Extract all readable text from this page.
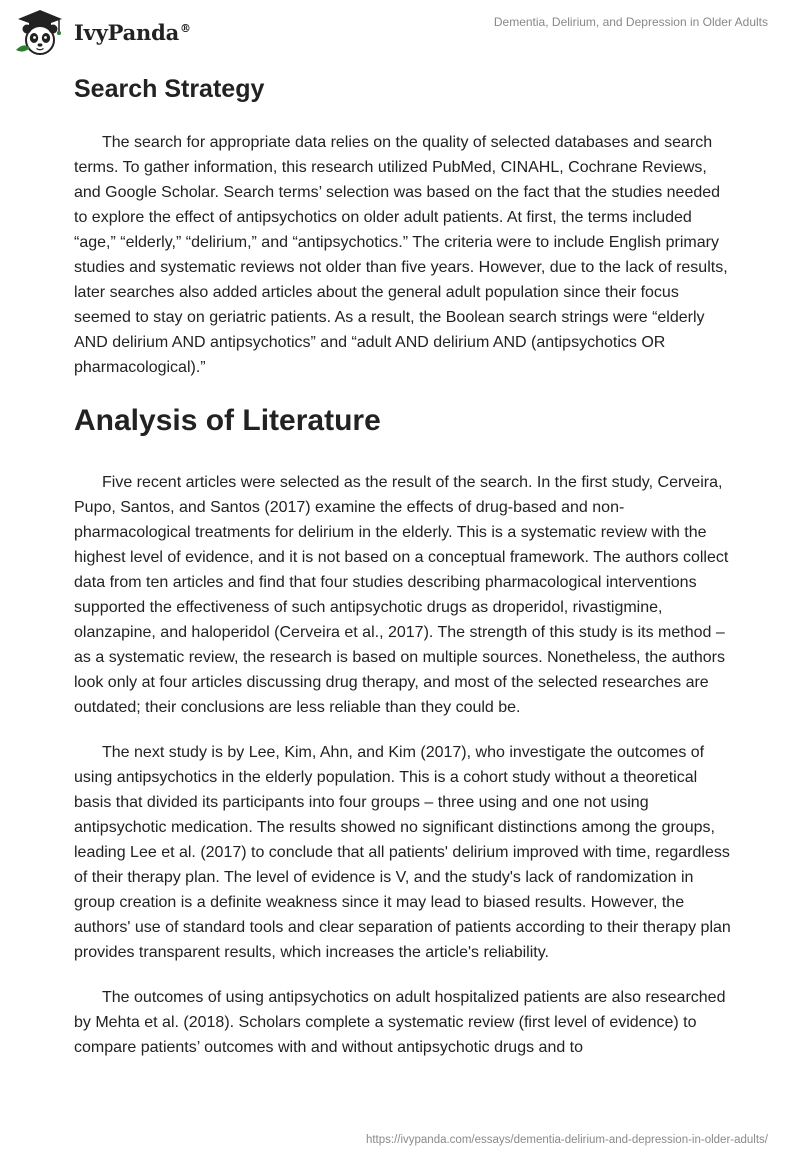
IvyPanda®	Dementia, Delirium, and Depression in Older Adults
Search Strategy

The search for appropriate data relies on the quality of selected databases and search terms. To gather information, this research utilized PubMed, CINAHL, Cochrane Reviews, and Google Scholar. Search terms’ selection was based on the fact that the studies needed to explore the effect of antipsychotics on older adult patients. At first, the terms included “age,” “elderly,” “delirium,” and “antipsychotics.” The criteria were to include English primary studies and systematic reviews not older than five years. However, due to the lack of results, later searches also added articles about the general adult population since their focus seemed to stay on geriatric patients. As a result, the Boolean search strings were “elderly AND delirium AND antipsychotics” and “adult AND delirium AND (antipsychotics OR pharmacological).”

Analysis of Literature

Five recent articles were selected as the result of the search. In the first study, Cerveira, Pupo, Santos, and Santos (2017) examine the effects of drug-based and non-pharmacological treatments for delirium in the elderly. This is a systematic review with the highest level of evidence, and it is not based on a conceptual framework. The authors collect data from ten articles and find that four studies describing pharmacological interventions supported the effectiveness of such antipsychotic drugs as droperidol, rivastigmine, olanzapine, and haloperidol (Cerveira et al., 2017). The strength of this study is its method – as a systematic review, the research is based on multiple sources. Nonetheless, the authors look only at four articles discussing drug therapy, and most of the selected researches are outdated; their conclusions are less reliable than they could be.

The next study is by Lee, Kim, Ahn, and Kim (2017), who investigate the outcomes of using antipsychotics in the elderly population. This is a cohort study without a theoretical basis that divided its participants into four groups – three using and one not using antipsychotic medication. The results showed no significant distinctions among the groups, leading Lee et al. (2017) to conclude that all patients' delirium improved with time, regardless of their therapy plan. The level of evidence is V, and the study's lack of randomization in group creation is a definite weakness since it may lead to biased results. However, the authors' use of standard tools and clear separation of patients according to their therapy plan provides transparent results, which increases the article's reliability.

The outcomes of using antipsychotics on adult hospitalized patients are also researched by Mehta et al. (2018). Scholars complete a systematic review (first level of evidence) to compare patients’ outcomes with and without antipsychotic drugs and to

https://ivypanda.com/essays/dementia-delirium-and-depression-in-older-adults/
